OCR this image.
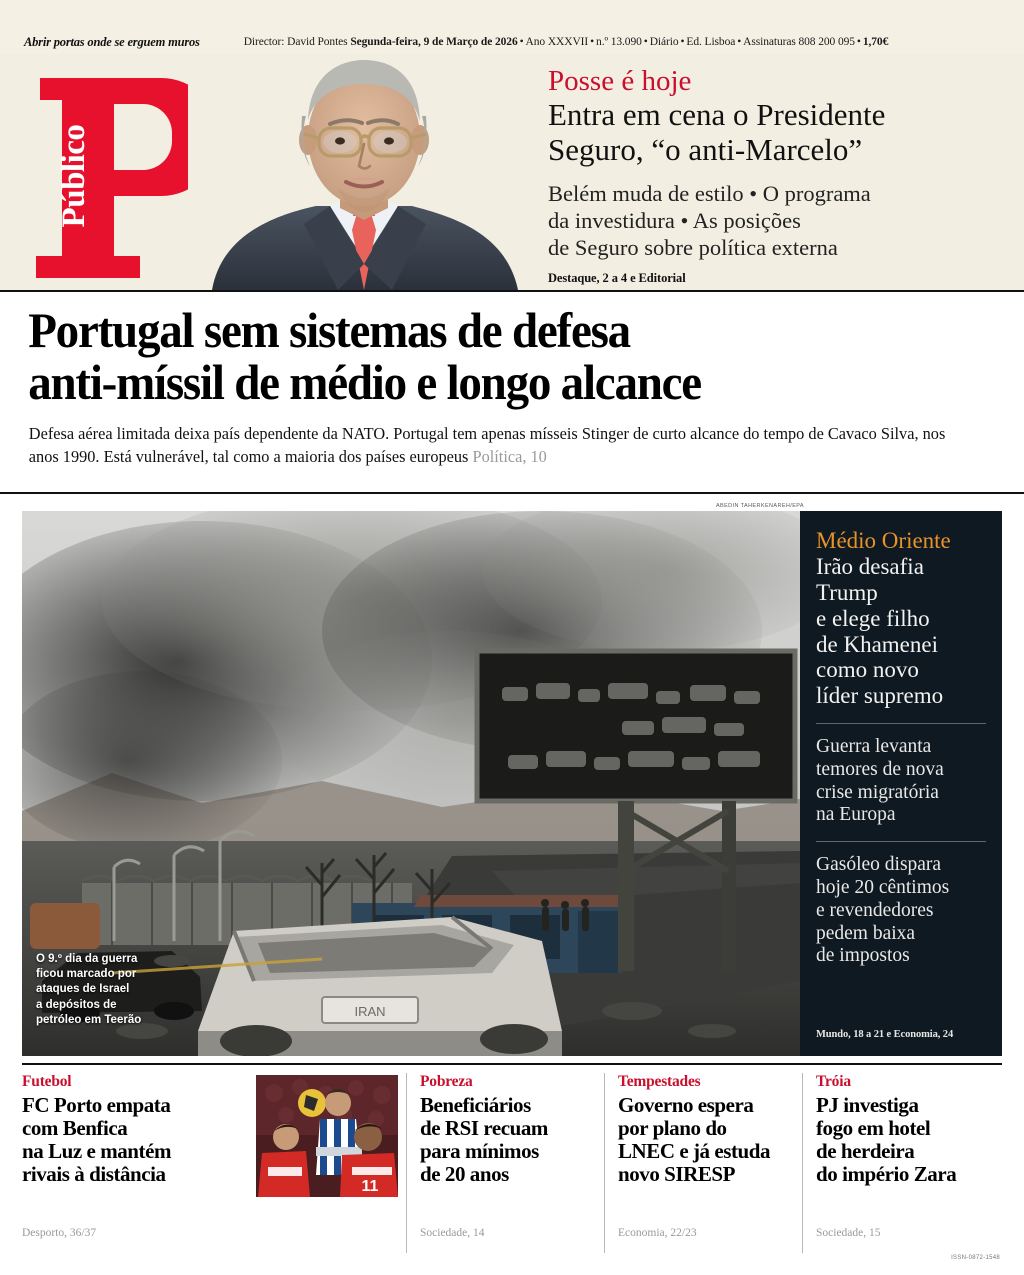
Abrir portas onde se erguem muros	Director: David Pontes Segunda-feira, 9 de Março de 2026 • Ano XXXVII • n.º 13.090 • Diário • Ed. Lisboa • Assinaturas 808 200 095 • 1,70€
Público

Posse é hoje

Entra em cena o Presidente
Seguro, “o anti-Marcelo”

Belém muda de estilo • O programa
da investidura • As posições
de Seguro sobre política externa

Destaque, 2 a 4 e Editorial
Portugal sem sistemas de defesa
anti-míssil de médio e longo alcance

Defesa aérea limitada deixa país dependente da NATO. Portugal tem apenas mísseis Stinger de curto alcance do tempo de Cavaco Silva, nos anos 1990. Está vulnerável, tal como a maioria dos países europeus Política, 10

ABEDIN TAHERKENAREH/EPA
IRAN
O 9.º dia da guerra
ficou marcado por
ataques de Israel
a depósitos de
petróleo em Teerão

Médio Oriente

Irão desafia
Trump
e elege filho
de Khamenei
como novo
líder supremo
Guerra levanta
temores de nova
crise migratória
na Europa
Gasóleo dispara
hoje 20 cêntimos
e revendedores
pedem baixa
de impostos
Mundo, 18 a 21 e Economia, 24

Futebol

FC Porto empata
com Benfica
na Luz e mantém
rivais à distância
Desporto, 36/37
11

Pobreza

Beneficiários
de RSI recuam
para mínimos
de 20 anos
Sociedade, 14

Tempestades

Governo espera
por plano do
LNEC e já estuda
novo SIRESP
Economia, 22/23

Tróia

PJ investiga
fogo em hotel
de herdeira
do império Zara
Sociedade, 15
ISSN-0872-1548
